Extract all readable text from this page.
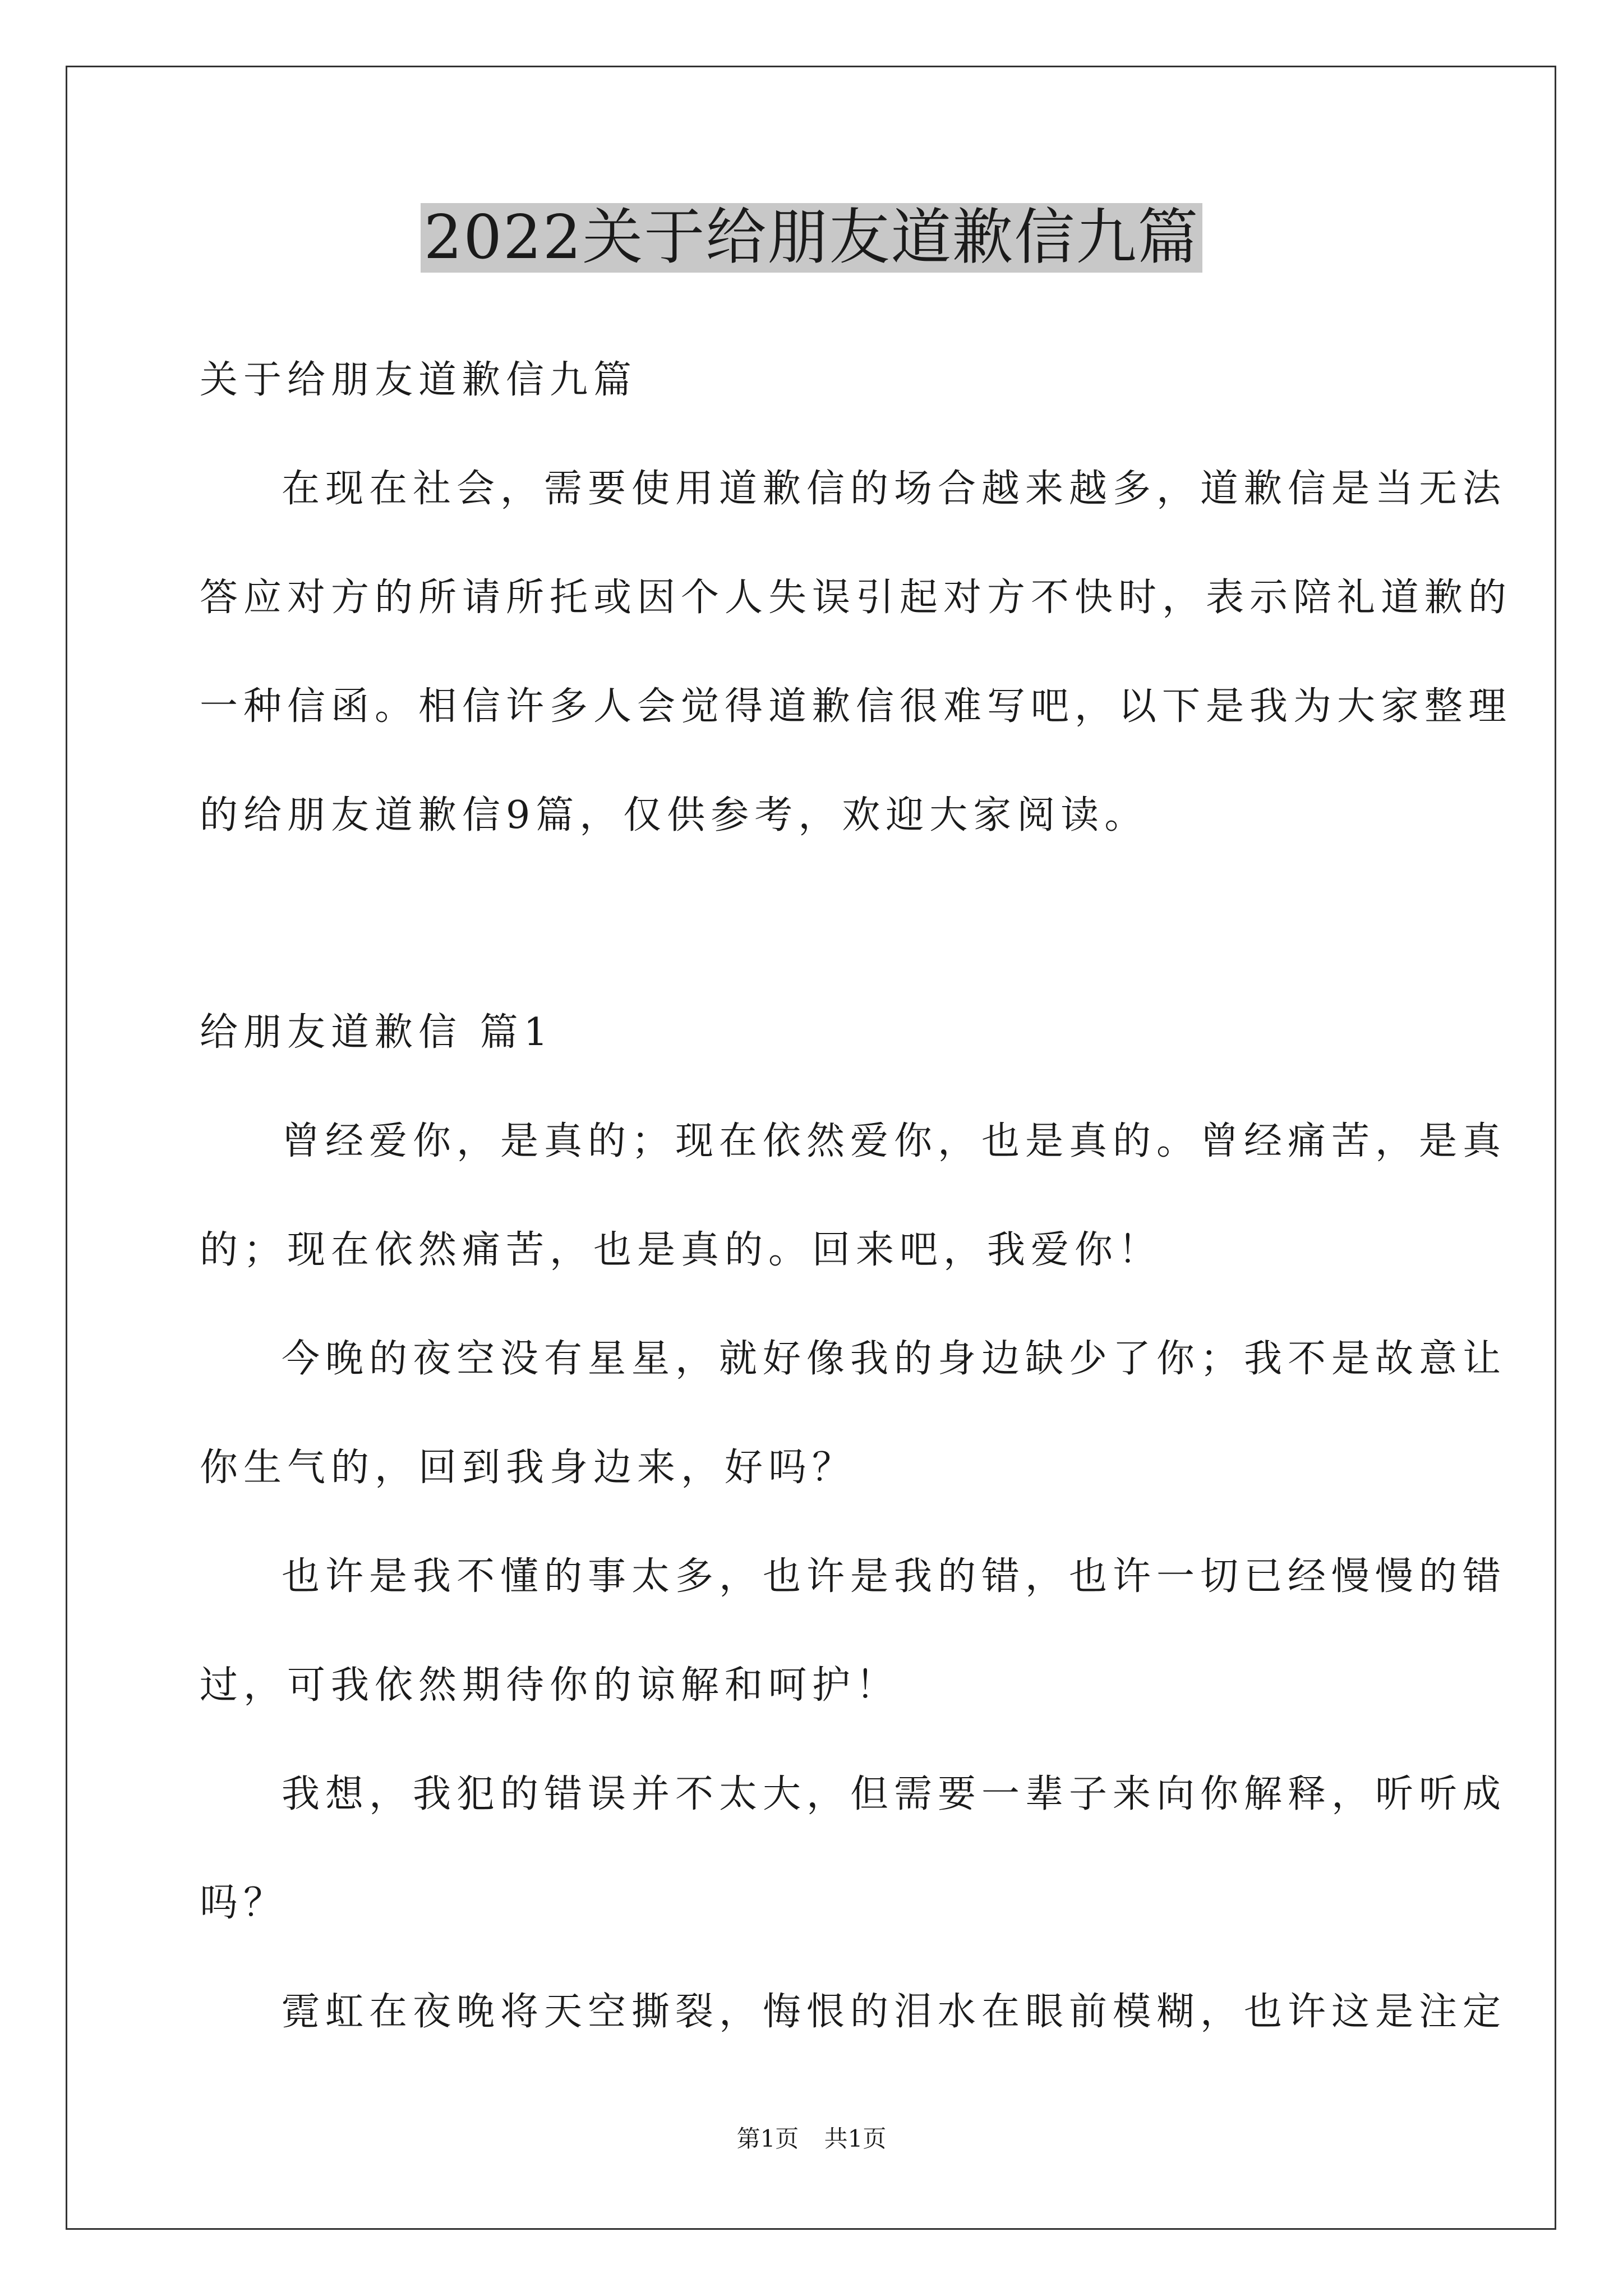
2022关于给朋友道歉信九篇
关于给朋友道歉信九篇
在现在社会，需要使用道歉信的场合越来越多，道歉信是当无法
答应对方的所请所托或因个人失误引起对方不快时，表示陪礼道歉的
一种信函。相信许多人会觉得道歉信很难写吧，以下是我为大家整理
的给朋友道歉信9篇，仅供参考，欢迎大家阅读。
给朋友道歉信 篇1
曾经爱你，是真的；现在依然爱你，也是真的。曾经痛苦，是真
的；现在依然痛苦，也是真的。回来吧，我爱你！
今晚的夜空没有星星，就好像我的身边缺少了你；我不是故意让
你生气的，回到我身边来，好吗？
也许是我不懂的事太多，也许是我的错，也许一切已经慢慢的错
过，可我依然期待你的谅解和呵护！
我想，我犯的错误并不太大，但需要一辈子来向你解释，听听成
吗？
霓虹在夜晚将天空撕裂，悔恨的泪水在眼前模糊，也许这是注定
第1页 共1页
